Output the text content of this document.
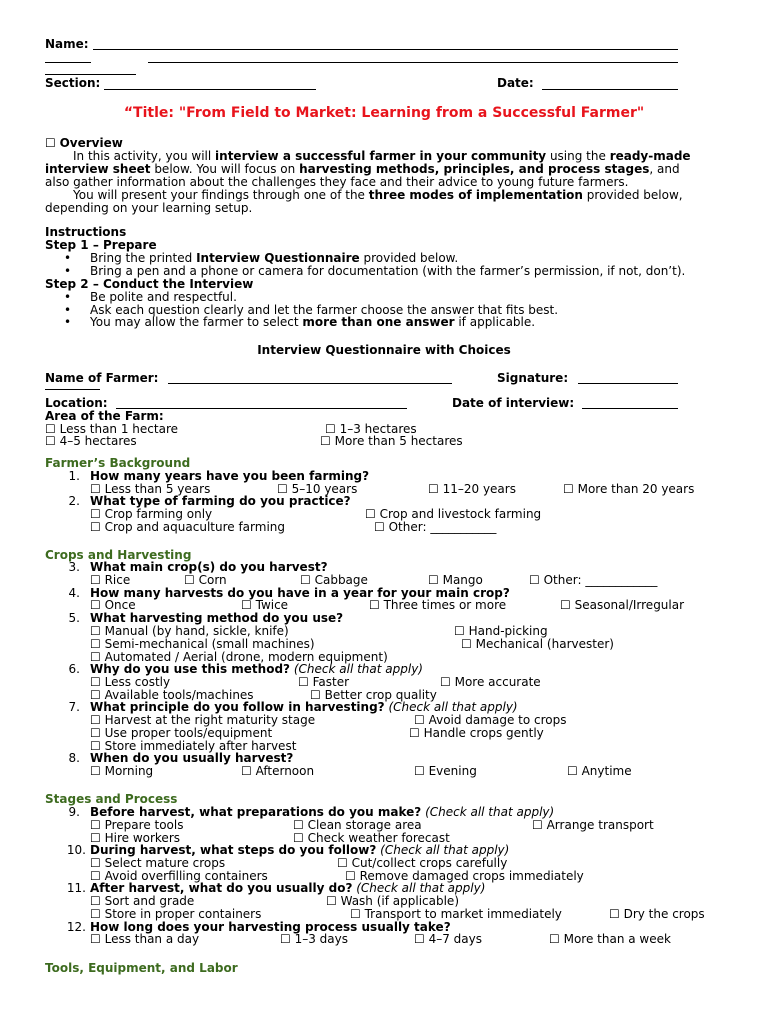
Name:
Section:	Date:
“Title: "From Field to Market: Learning from a Successful Farmer"
☐ Overview
In this activity, you will interview a successful farmer in your community using the ready-made
interview sheet below. You will focus on harvesting methods, principles, and process stages, and
also gather information about the challenges they face and their advice to young future farmers.
You will present your findings through one of the three modes of implementation provided below,
depending on your learning setup.
Instructions
Step 1 – Prepare
• Bring the printed Interview Questionnaire provided below.
• Bring a pen and a phone or camera for documentation (with the farmer’s permission, if not, don’t).
Step 2 – Conduct the Interview
• Be polite and respectful.
• Ask each question clearly and let the farmer choose the answer that fits best.
• You may allow the farmer to select more than one answer if applicable.
Interview Questionnaire with Choices
Name of Farmer:	Signature:
Location:	Date of interview:
Area of the Farm:
☐ Less than 1 hectare	☐ 1–3 hectares
☐ 4–5 hectares	☐ More than 5 hectares
Farmer’s Background
1. How many years have you been farming?
☐ Less than 5 years	☐ 5–10 years	☐ 11–20 years	☐ More than 20 years
2. What type of farming do you practice?
☐ Crop farming only	☐ Crop and livestock farming
☐ Crop and aquaculture farming	☐ Other: ___________
Crops and Harvesting
3. What main crop(s) do you harvest?
☐ Rice	☐ Corn	☐ Cabbage	☐ Mango	☐ Other: ____________
4. How many harvests do you have in a year for your main crop?
☐ Once	☐ Twice	☐ Three times or more	☐ Seasonal/Irregular
5. What harvesting method do you use?
☐ Manual (by hand, sickle, knife)	☐ Hand-picking
☐ Semi-mechanical (small machines)	☐ Mechanical (harvester)
☐ Automated / Aerial (drone, modern equipment)
6. Why do you use this method? (Check all that apply)
☐ Less costly	☐ Faster	☐ More accurate
☐ Available tools/machines	☐ Better crop quality
7. What principle do you follow in harvesting? (Check all that apply)
☐ Harvest at the right maturity stage	☐ Avoid damage to crops
☐ Use proper tools/equipment	☐ Handle crops gently
☐ Store immediately after harvest
8. When do you usually harvest?
☐ Morning	☐ Afternoon	☐ Evening	☐ Anytime
Stages and Process
9. Before harvest, what preparations do you make? (Check all that apply)
☐ Prepare tools	☐ Clean storage area	☐ Arrange transport
☐ Hire workers	☐ Check weather forecast
10. During harvest, what steps do you follow? (Check all that apply)
☐ Select mature crops	☐ Cut/collect crops carefully
☐ Avoid overfilling containers	☐ Remove damaged crops immediately
11. After harvest, what do you usually do? (Check all that apply)
☐ Sort and grade	☐ Wash (if applicable)
☐ Store in proper containers	☐ Transport to market immediately	☐ Dry the crops
12. How long does your harvesting process usually take?
☐ Less than a day	☐ 1–3 days	☐ 4–7 days	☐ More than a week
Tools, Equipment, and Labor
